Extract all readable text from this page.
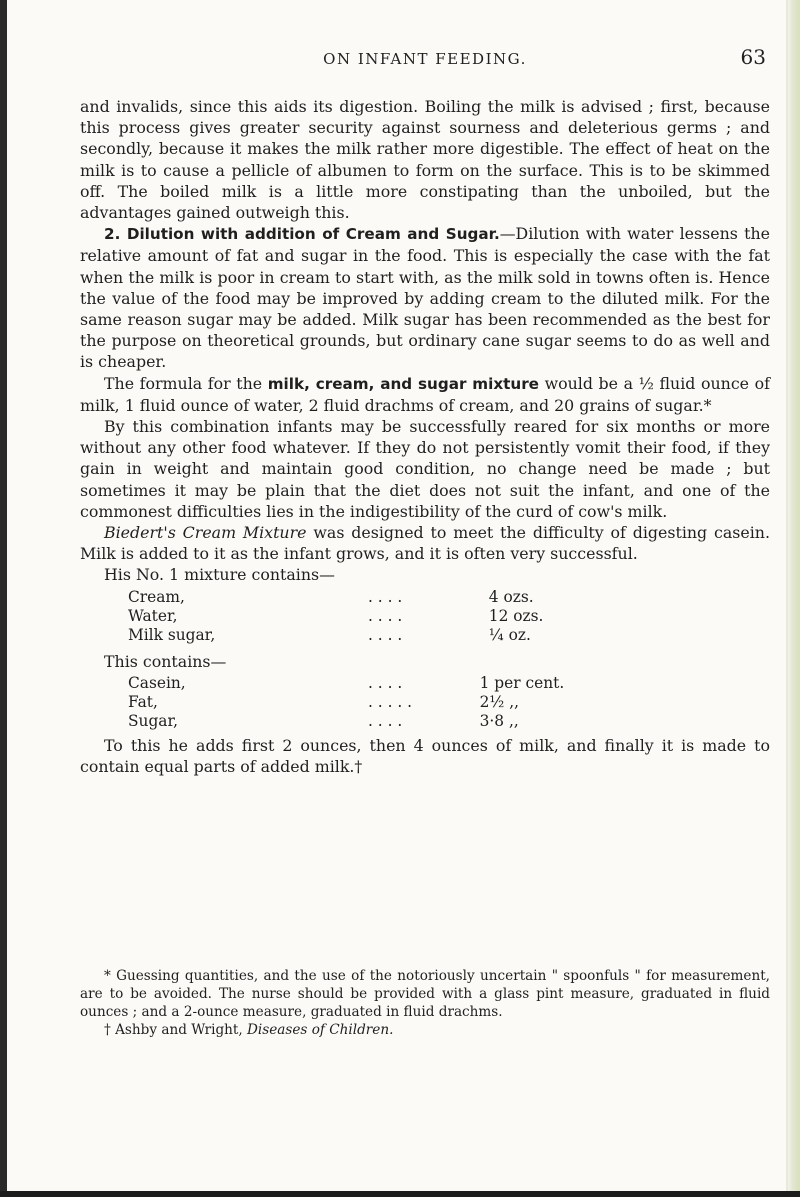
ON INFANT FEEDING.	63

and invalids, since this aids its digestion. Boiling the milk is advised ; first, because this process gives greater security against sourness and deleterious germs ; and secondly, because it makes the milk rather more digestible. The effect of heat on the milk is to cause a pellicle of albumen to form on the surface. This is to be skimmed off. The boiled milk is a little more constipating than the unboiled, but the advantages gained outweigh this.

2. Dilution with addition of Cream and Sugar.—Dilution with water lessens the relative amount of fat and sugar in the food. This is especially the case with the fat when the milk is poor in cream to start with, as the milk sold in towns often is. Hence the value of the food may be improved by adding cream to the diluted milk. For the same reason sugar may be added. Milk sugar has been recommended as the best for the purpose on theoretical grounds, but ordinary cane sugar seems to do as well and is cheaper.

The formula for the milk, cream, and sugar mixture would be a ½ fluid ounce of milk, 1 fluid ounce of water, 2 fluid drachms of cream, and 20 grains of sugar.*

By this combination infants may be successfully reared for six months or more without any other food whatever. If they do not persistently vomit their food, if they gain in weight and maintain good condition, no change need be made ; but sometimes it may be plain that the diet does not suit the infant, and one of the commonest difficulties lies in the indigestibility of the curd of cow's milk.

Biedert's Cream Mixture was designed to meet the difficulty of digesting casein. Milk is added to it as the infant grows, and it is often very successful.

His No. 1 mixture contains—

Cream,	. . . .	4 ozs.
Water,	. . . .	12 ozs.
Milk sugar,	. . . .	¼ oz.

This contains—

Casein,	. . . .	1 per cent.
Fat,	. . . . .	2½ ,,
Sugar,	. . . .	3·8 ,,

To this he adds first 2 ounces, then 4 ounces of milk, and finally it is made to contain equal parts of added milk.†

* Guessing quantities, and the use of the notoriously uncertain " spoonfuls " for measurement, are to be avoided. The nurse should be provided with a glass pint measure, graduated in fluid ounces ; and a 2-ounce measure, graduated in fluid drachms.

† Ashby and Wright, Diseases of Children.
